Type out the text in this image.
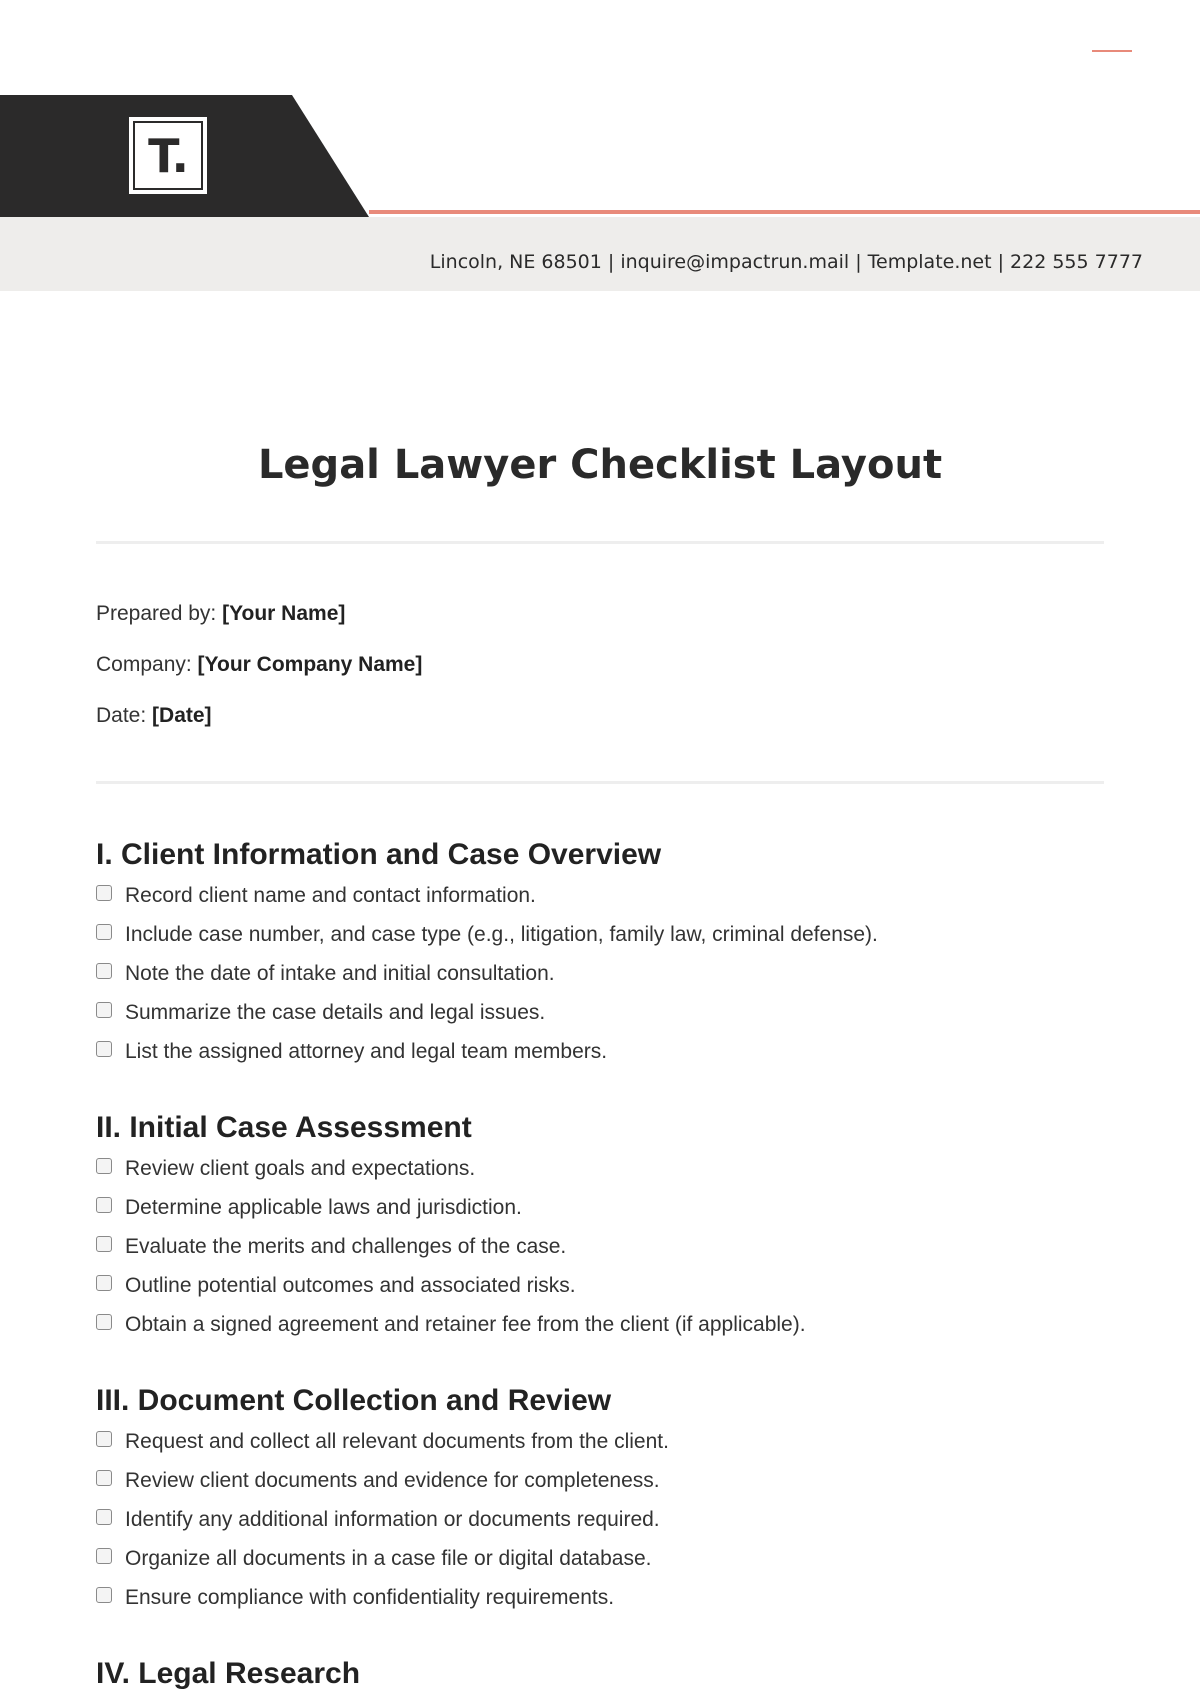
T.
Lincoln, NE 68501 | inquire@impactrun.mail | Template.net | 222 555 7777
Legal Lawyer Checklist Layout
Prepared by: [Your Name]
Company: [Your Company Name]
Date: [Date]
I. Client Information and Case Overview
Record client name and contact information.
Include case number, and case type (e.g., litigation, family law, criminal defense).
Note the date of intake and initial consultation.
Summarize the case details and legal issues.
List the assigned attorney and legal team members.
II. Initial Case Assessment
Review client goals and expectations.
Determine applicable laws and jurisdiction.
Evaluate the merits and challenges of the case.
Outline potential outcomes and associated risks.
Obtain a signed agreement and retainer fee from the client (if applicable).
III. Document Collection and Review
Request and collect all relevant documents from the client.
Review client documents and evidence for completeness.
Identify any additional information or documents required.
Organize all documents in a case file or digital database.
Ensure compliance with confidentiality requirements.
IV. Legal Research
